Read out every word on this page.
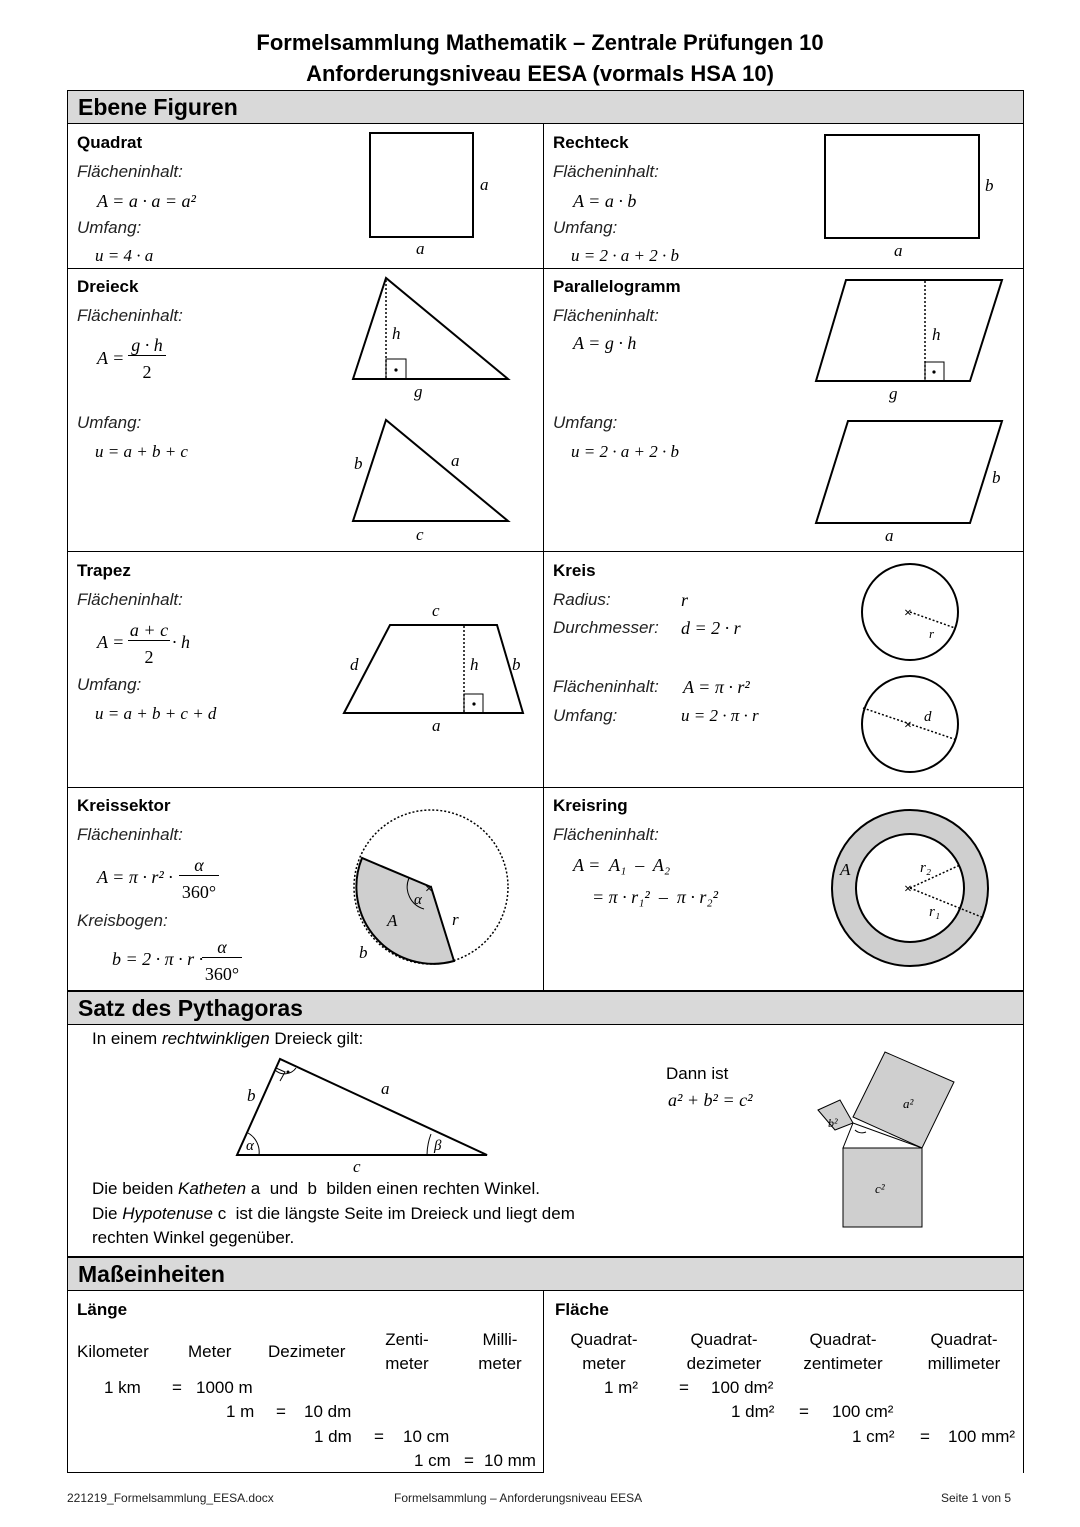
Formelsammlung Mathematik – Zentrale Prüfungen 10
Anforderungsniveau EESA (vormals HSA 10)
Ebene Figuren
Quadrat
Flächeninhalt:
A = a · a = a²
Umfang:
u = 4 · a
a
a
b
a
h
g
b	a
c
h
g
b
a
c
d	h b
a
×
r
×
d
×
α
A	r
b
×
A	r₂
r₁
b	a
c
α	β
a²
b²
c²
Rechteck
Flächeninhalt:
A = a · b
Umfang:
u = 2 · a + 2 · b
Dreieck
Flächeninhalt:
A =
g · h
2
Umfang:
u = a + b + c
Parallelogramm
Flächeninhalt:
A = g · h
Umfang:
u = 2 · a + 2 · b
Trapez
Flächeninhalt:
A =
a + c
2
· h
Umfang:
u = a + b + c + d
Kreis
Radius:	r
Durchmesser: d = 2 · r
Flächeninhalt: A = π · r²
Umfang:	u = 2 · π · r
Kreissektor
Flächeninhalt:
A = π · r² ·
α
360°
Kreisbogen:
b = 2 · π · r ·
α
360°
Kreisring
Flächeninhalt:
A =  A₁  –  A₂
= π · r₁²  –  π · r₂²
Satz des Pythagoras
In einem rechtwinkligen Dreieck gilt:
Dann ist
a² + b² = c²
Die beiden Katheten a  und  b  bilden einen rechten Winkel.
Die Hypotenuse c  ist die längste Seite im Dreieck und liegt dem
rechten Winkel gegenüber.
Maßeinheiten
Länge
Kilometer Meter Dezimeter
Zenti-
meter
Milli-
meter
1 km = 1000 m
1 m = 10 dm
1 dm = 10 cm
1 cm = 10 mm
Fläche
Quadrat-
meter
Quadrat-
dezimeter
Quadrat-
zentimeter
Quadrat-
millimeter
1 m² = 100 dm²
1 dm² = 100 cm²
1 cm² = 100 mm²
221219_Formelsammlung_EESA.docx	Formelsammlung – Anforderungsniveau EESA	Seite 1 von 5
